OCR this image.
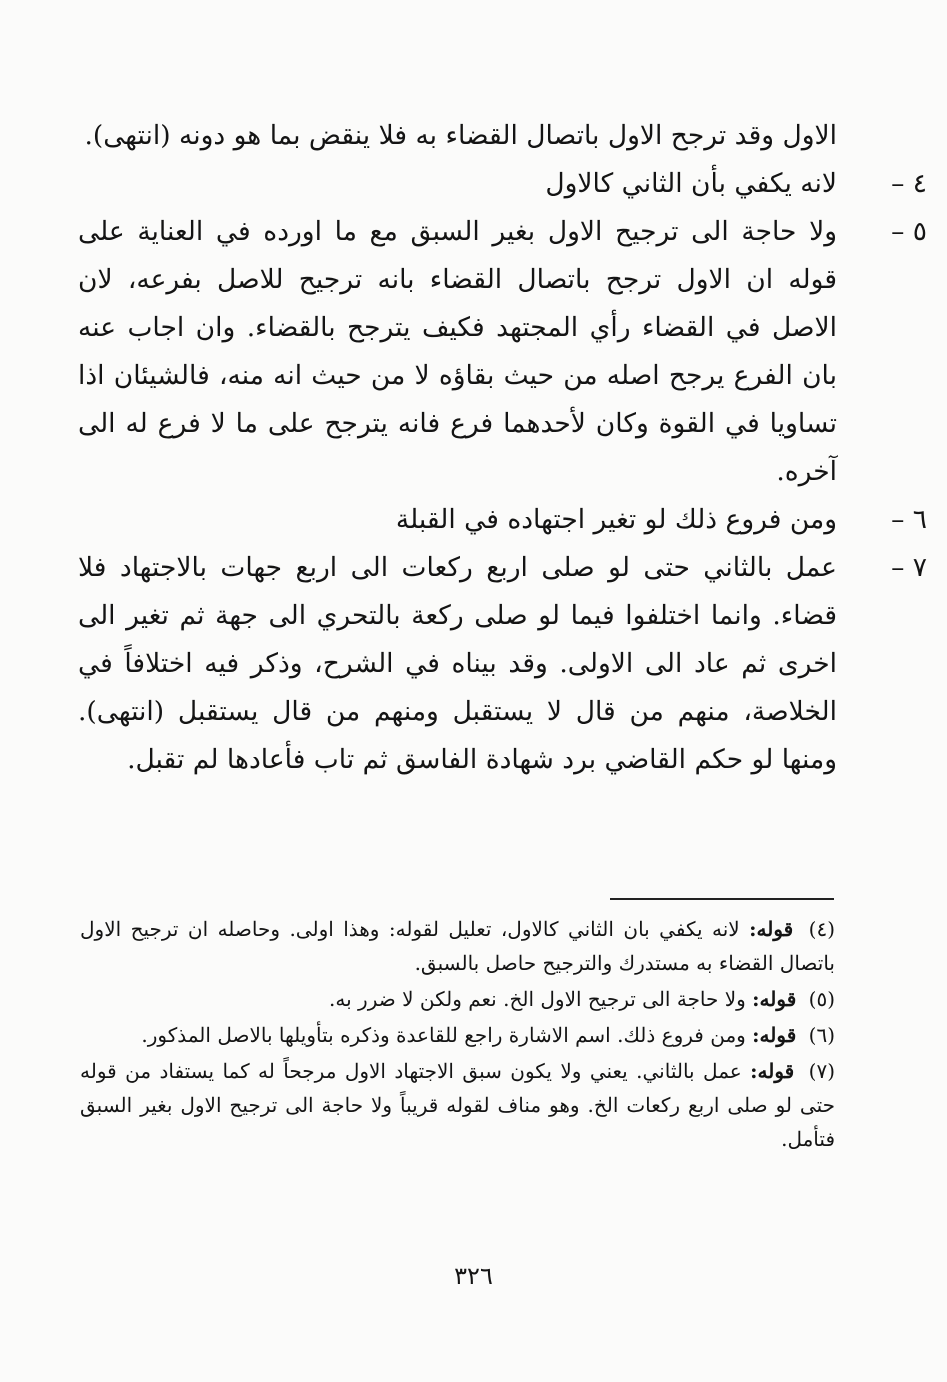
الاول وقد ترجح الاول باتصال القضاء به فلا ينقض بما هو دونه (انتهى).

٤ –

لانه يكفي بأن الثاني كالاول

٥ –

ولا حاجة الى ترجيح الاول بغير السبق مع ما اورده في العناية على قوله ان الاول ترجح باتصال القضاء بانه ترجيح للاصل بفرعه، لان الاصل في القضاء رأي المجتهد فكيف يترجح بالقضاء. وان اجاب عنه بان الفرع يرجح اصله من حيث بقاؤه لا من حيث انه منه، فالشيئان اذا تساويا في القوة وكان لأحدهما فرع فانه يترجح على ما لا فرع له الى آخره.

٦ –

ومن فروع ذلك لو تغير اجتهاده في القبلة

٧ –

عمل بالثاني حتى لو صلى اربع ركعات الى اربع جهات بالاجتهاد فلا قضاء. وانما اختلفوا فيما لو صلى ركعة بالتحري الى جهة ثم تغير الى اخرى ثم عاد الى الاولى. وقد بيناه في الشرح، وذكر فيه اختلافاً في الخلاصة، منهم من قال لا يستقبل ومنهم من قال يستقبل (انتهى). ومنها لو حكم القاضي برد شهادة الفاسق ثم تاب فأعادها لم تقبل.

(٤) قوله: لانه يكفي بان الثاني كالاول، تعليل لقوله: وهذا اولى. وحاصله ان ترجيح الاول باتصال القضاء به مستدرك والترجيح حاصل بالسبق.

(٥) قوله: ولا حاجة الى ترجيح الاول الخ. نعم ولكن لا ضرر به.

(٦) قوله: ومن فروع ذلك. اسم الاشارة راجع للقاعدة وذكره بتأويلها بالاصل المذكور.

(٧) قوله: عمل بالثاني. يعني ولا يكون سبق الاجتهاد الاول مرجحاً له كما يستفاد من قوله حتى لو صلى اربع ركعات الخ. وهو مناف لقوله قريباً ولا حاجة الى ترجيح الاول بغير السبق فتأمل.

٣٢٦
